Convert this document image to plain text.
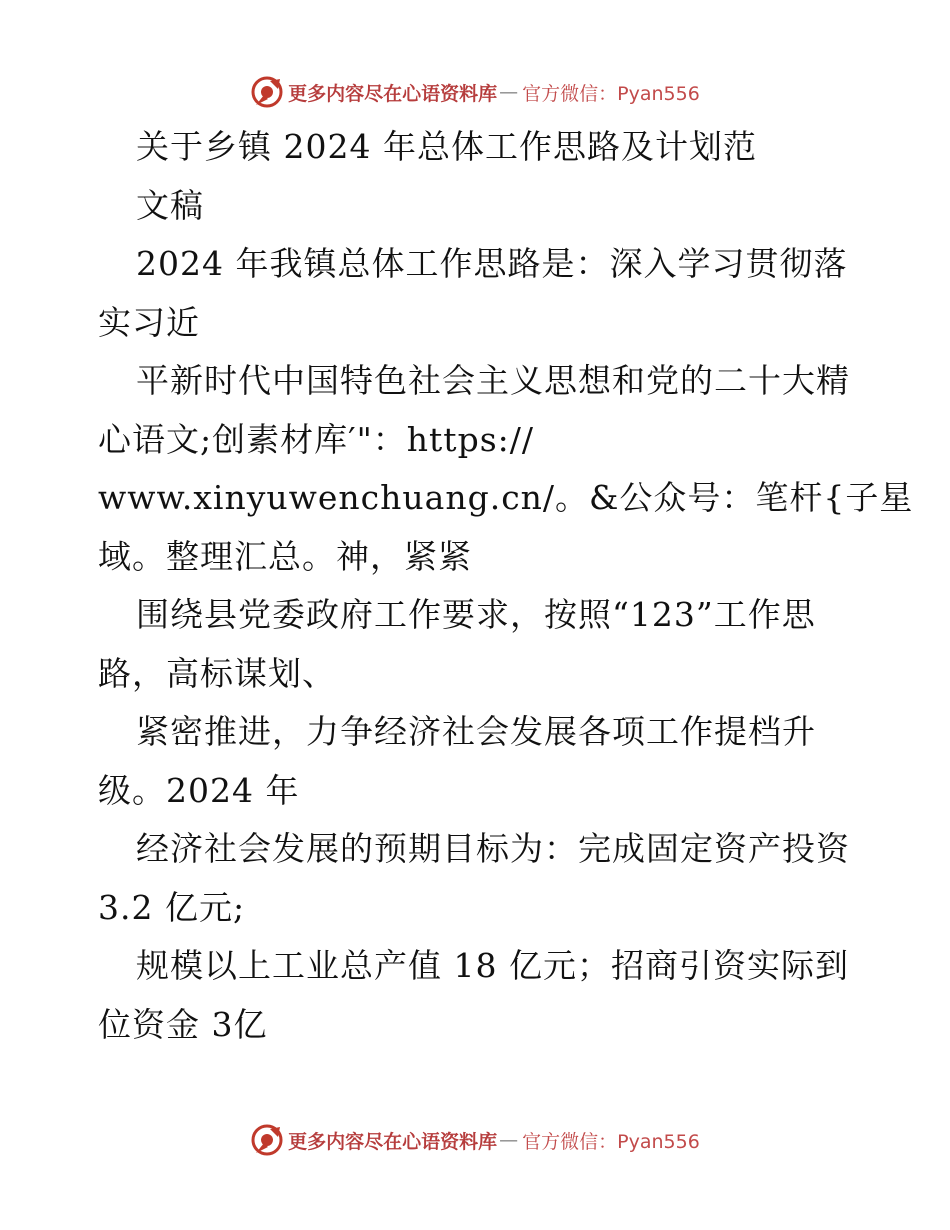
更多内容尽在心语资料库 — 官方微信：Pyan556
关于乡镇 2024 年总体工作思路及计划范
文稿
2024 年我镇总体工作思路是：深入学习贯彻落
实习近
平新时代中国特色社会主义思想和党的二十大精
心语文;创素材库′"：https://
www.xinyuwenchuang.cn/。&公众号：笔杆{子星
域。整理汇总。神，紧紧
围绕县党委政府工作要求，按照“123”工作思
路，高标谋划、
紧密推进，力争经济社会发展各项工作提档升
级。2024 年
经济社会发展的预期目标为：完成固定资产投资
3.2 亿元;
规模以上工业总产值 18 亿元；招商引资实际到
位资金 3亿
更多内容尽在心语资料库 — 官方微信：Pyan556
